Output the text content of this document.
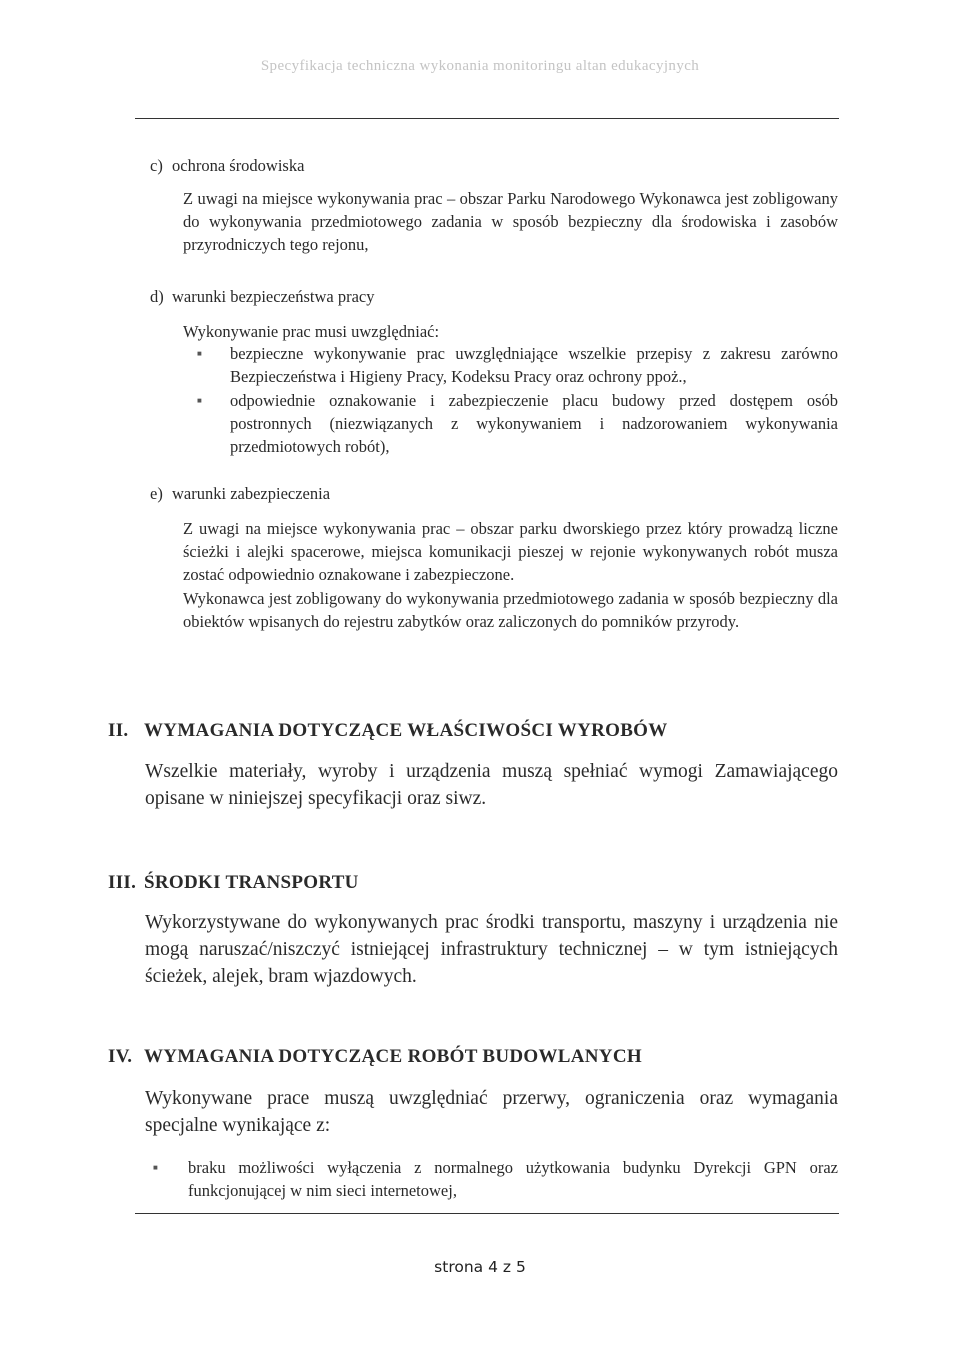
Specyfikacja techniczna wykonania monitoringu altan edukacyjnych
c) ochrona środowiska
Z uwagi na miejsce wykonywania prac – obszar Parku Narodowego Wykonawca jest zobligowany do wykonywania przedmiotowego zadania w sposób bezpieczny dla środowiska i zasobów przyrodniczych tego rejonu,
d) warunki bezpieczeństwa pracy
Wykonywanie prac musi uwzględniać:
■ bezpieczne wykonywanie prac uwzględniające wszelkie przepisy z zakresu zarówno Bezpieczeństwa i Higieny Pracy, Kodeksu Pracy oraz ochrony ppoż.,
■ odpowiednie oznakowanie i zabezpieczenie placu budowy przed dostępem osób postronnych (niezwiązanych z wykonywaniem i nadzorowaniem wykonywania przedmiotowych robót),
e) warunki zabezpieczenia
Z uwagi na miejsce wykonywania prac – obszar parku dworskiego przez który prowadzą liczne ścieżki i alejki spacerowe, miejsca komunikacji pieszej w rejonie wykonywanych robót musza zostać odpowiednio oznakowane i zabezpieczone.
Wykonawca jest zobligowany do wykonywania przedmiotowego zadania w sposób bezpieczny dla obiektów wpisanych do rejestru zabytków oraz zaliczonych do pomników przyrody.
II. WYMAGANIA DOTYCZĄCE WŁAŚCIWOŚCI WYROBÓW
Wszelkie materiały, wyroby i urządzenia muszą spełniać wymogi Zamawiającego opisane w niniejszej specyfikacji oraz siwz.
III. ŚRODKI TRANSPORTU
Wykorzystywane do wykonywanych prac środki transportu, maszyny i urządzenia nie mogą naruszać/niszczyć istniejącej infrastruktury technicznej – w tym istniejących ścieżek, alejek, bram wjazdowych.
IV. WYMAGANIA DOTYCZĄCE ROBÓT BUDOWLANYCH
Wykonywane prace muszą uwzględniać przerwy, ograniczenia oraz wymagania specjalne wynikające z:
■ braku możliwości wyłączenia z normalnego użytkowania budynku Dyrekcji GPN oraz funkcjonującej w nim sieci internetowej,
strona 4 z 5
